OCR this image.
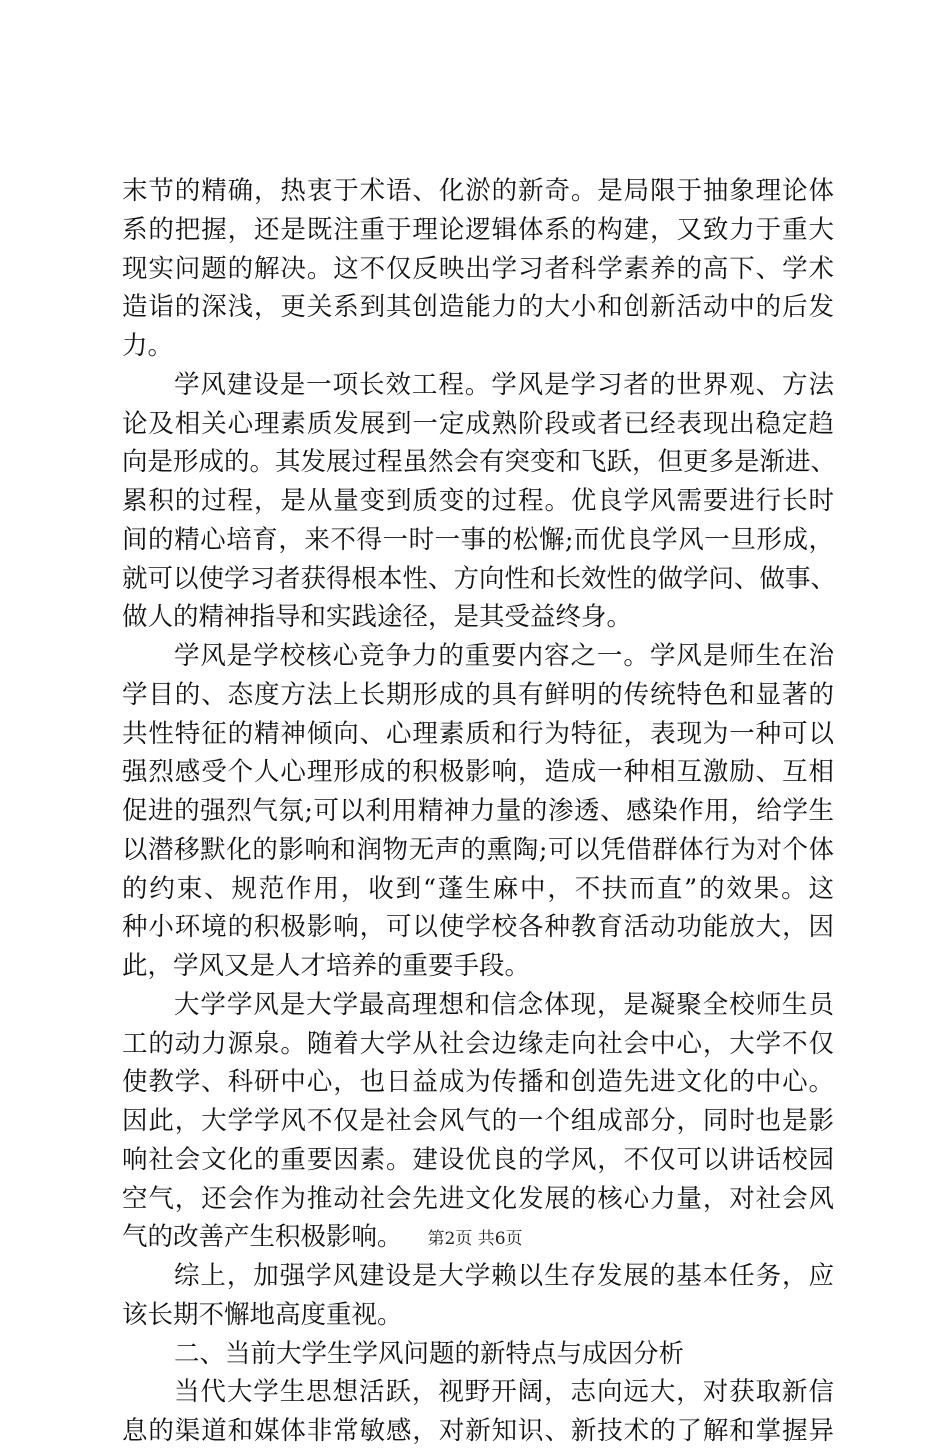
末节的精确，热衷于术语、化淤的新奇。是局限于抽象理论体
系的把握，还是既注重于理论逻辑体系的构建，又致力于重大
现实问题的解决。这不仅反映出学习者科学素养的高下、学术
造诣的深浅，更关系到其创造能力的大小和创新活动中的后发
力。
学风建设是一项长效工程。学风是学习者的世界观、方法
论及相关心理素质发展到一定成熟阶段或者已经表现出稳定趋
向是形成的。其发展过程虽然会有突变和飞跃，但更多是渐进、
累积的过程，是从量变到质变的过程。优良学风需要进行长时
间的精心培育，来不得一时一事的松懈;而优良学风一旦形成，
就可以使学习者获得根本性、方向性和长效性的做学问、做事、
做人的精神指导和实践途径，是其受益终身。
学风是学校核心竞争力的重要内容之一。学风是师生在治
学目的、态度方法上长期形成的具有鲜明的传统特色和显著的
共性特征的精神倾向、心理素质和行为特征，表现为一种可以
强烈感受个人心理形成的积极影响，造成一种相互激励、互相
促进的强烈气氛;可以利用精神力量的渗透、感染作用，给学生
以潜移默化的影响和润物无声的熏陶;可以凭借群体行为对个体
的约束、规范作用，收到“蓬生麻中，不扶而直”的效果。这
种小环境的积极影响，可以使学校各种教育活动功能放大，因
此，学风又是人才培养的重要手段。
大学学风是大学最高理想和信念体现，是凝聚全校师生员
工的动力源泉。随着大学从社会边缘走向社会中心，大学不仅
使教学、科研中心，也日益成为传播和创造先进文化的中心。
因此，大学学风不仅是社会风气的一个组成部分，同时也是影
响社会文化的重要因素。建设优良的学风，不仅可以讲话校园
空气，还会作为推动社会先进文化发展的核心力量，对社会风
气的改善产生积极影响。
综上，加强学风建设是大学赖以生存发展的基本任务，应
该长期不懈地高度重视。
二、当前大学生学风问题的新特点与成因分析
当代大学生思想活跃，视野开阔，志向远大，对获取新信
息的渠道和媒体非常敏感，对新知识、新技术的了解和掌握异
第2页 共6页
